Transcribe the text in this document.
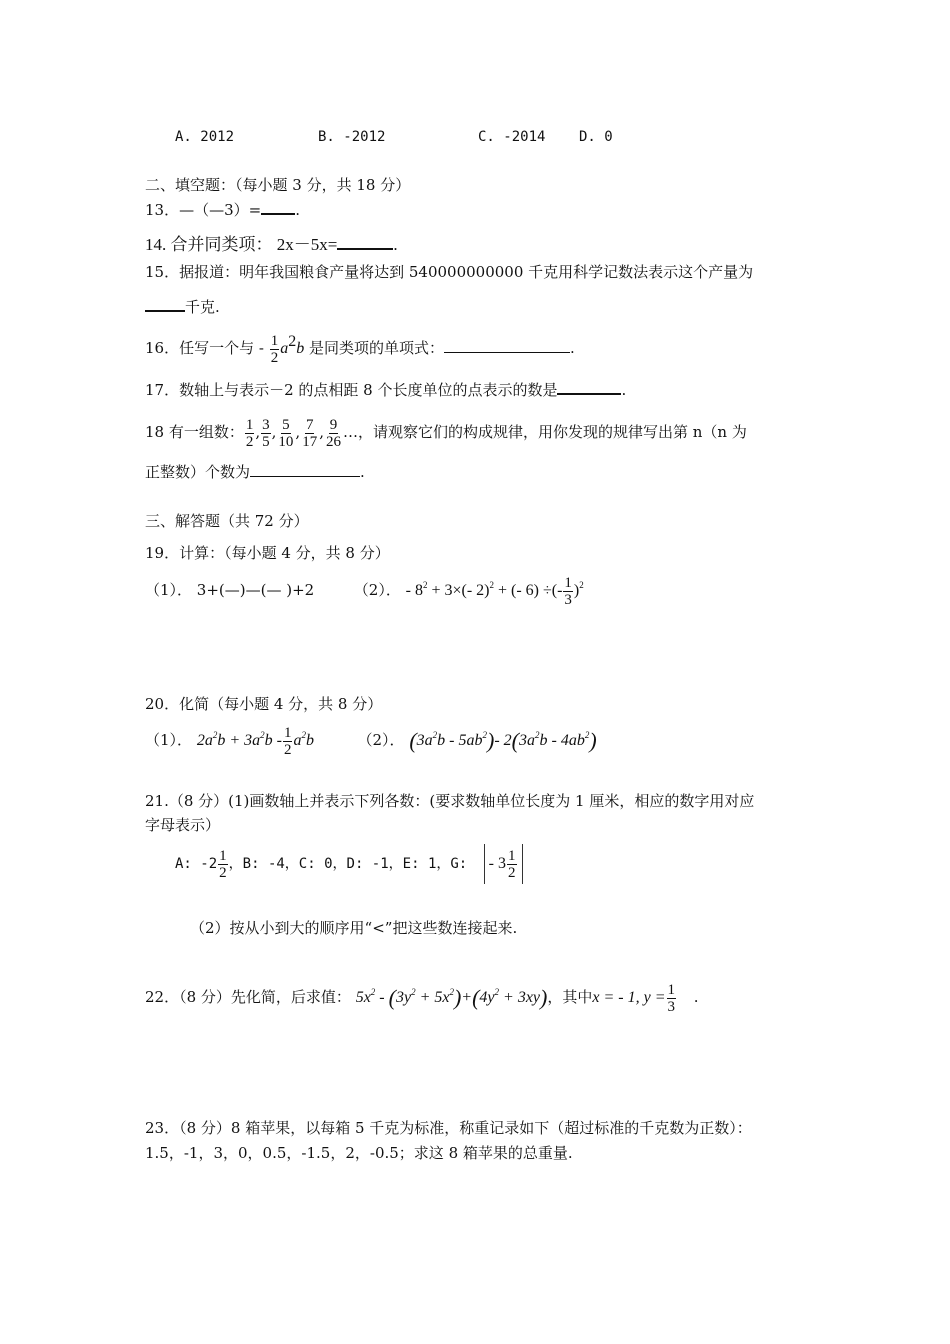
A. 2012	B. -2012	C. -2014 D. 0
二、填空题：（每小题 3 分，共 18 分）
13．—（—3）= .
14. 合并同类项： 2x－5x=	.
15．据报道：明年我国粮食产量将达到 540000000000 千克用科学记数法表示这个产量为
千克.
16．任写一个与 - $\frac{1}{2} a^2b$ 是同类项的单项式：	.
17．数轴上与表示－2 的点相距 8 个长度单位的点表示的数是	.
18 有一组数： $\frac{1}{2}$ , $\frac{3}{5}$ , $\frac{5}{10}$ , $\frac{7}{17}$ , $\frac{9}{26}$ …，请观察它们的构成规律，用你发现的规律写出第 n（n 为
正整数）个数为	.
三、解答题（共 72 分）
19．计算：（每小题 4 分，共 8 分）
（1）． 3+(—)—(— )+2	（2）． - $8^2 + 3\times(-$ 2)$^2$ + (- 6) ÷(- $\frac{1}{3} )^2$
20．化简（每小题 4 分，共 8 分）
（1）． $2a^2b + 3a^2b - \frac{1}{2} a^2b$	（2）． $(3a^2b - 5ab^2)-$ $2(3a^2b - 4ab^2)$
21.（8 分）(1)画数轴上并表示下列各数：(要求数轴单位长度为 1 厘米，相应的数字用对应
字母表示）
A: $-2 \frac{1}{2}$ ，B: -4，C: 0，D: -1，E: 1，G: - $3 \frac{1}{2}$
（2）按从小到大的顺序用“<”把这些数连接起来.
22．（8 分）先化简，后求值： $5x^2 - (3y^2 + 5x^2)+(4y^2 + 3xy)$，其中x = - 1, $y = \frac{1}{3}$ .
23．（8 分）8 箱苹果，以每箱 5 千克为标准，称重记录如下（超过标准的千克数为正数）：
1.5，-1，3，0，0.5，-1.5，2，-0.5；求这 8 箱苹果的总重量.
